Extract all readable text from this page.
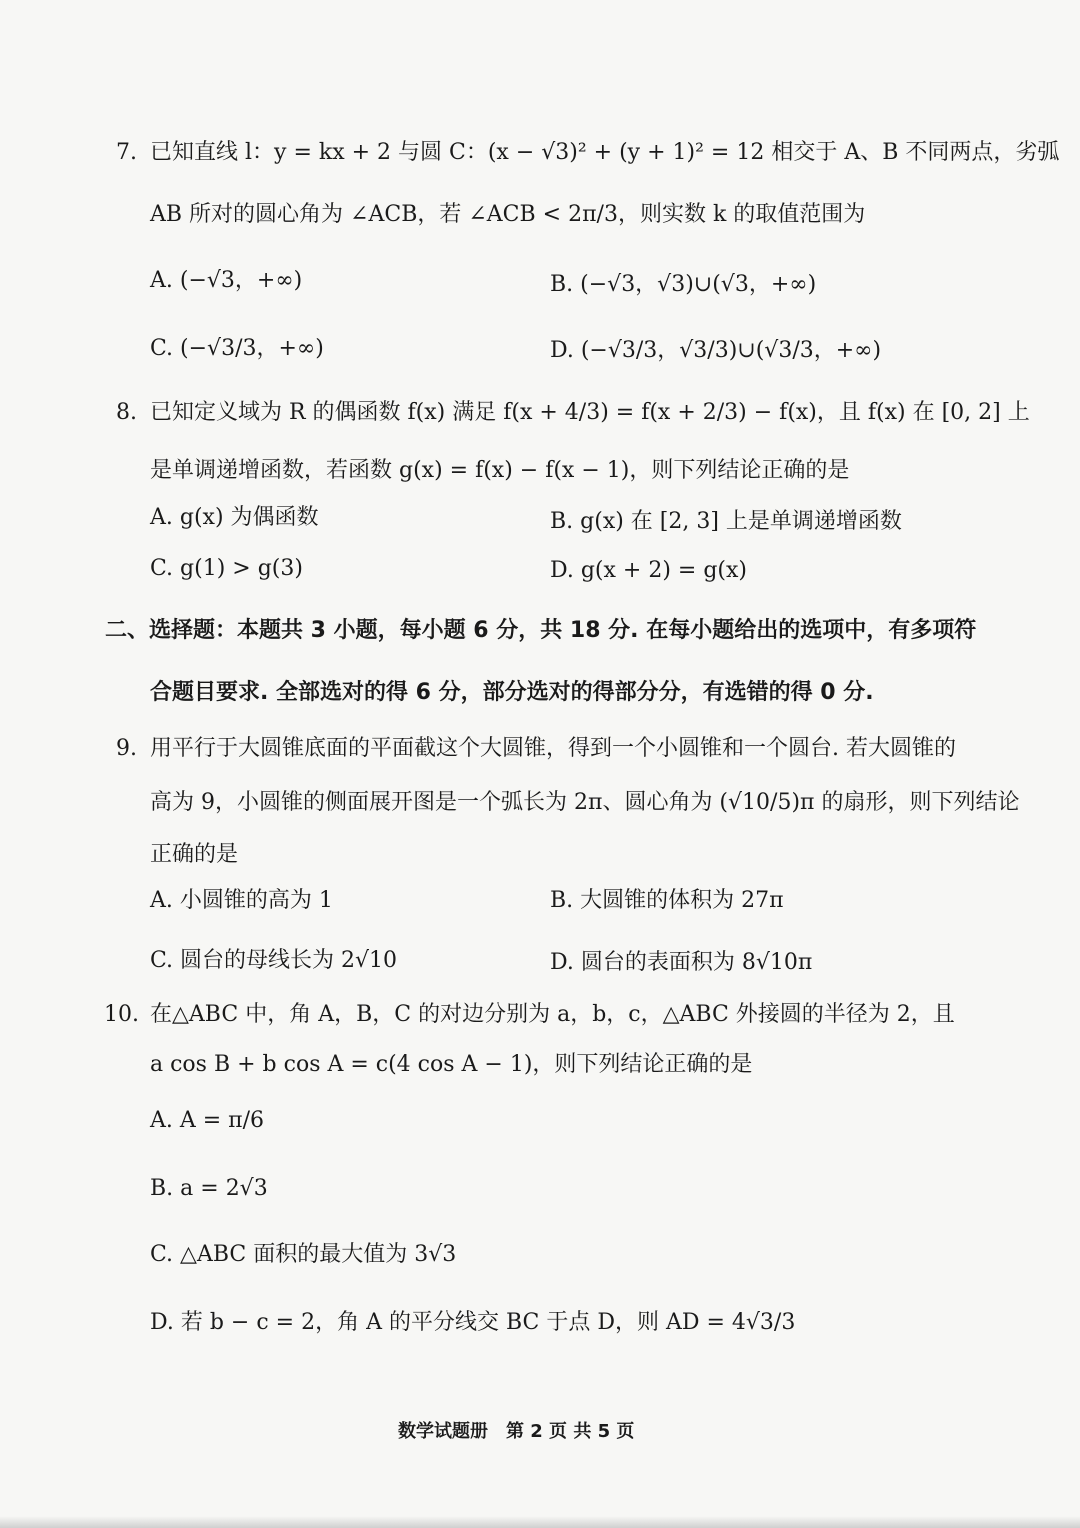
7. 已知直线 l：y = kx + 2 与圆 C：(x − √3)² + (y + 1)² = 12 相交于 A、B 不同两点，劣弧
AB 所对的圆心角为 ∠ACB，若 ∠ACB < 2π/3，则实数 k 的取值范围为
A. (−√3，+∞)	B. (−√3，√3)∪(√3，+∞)
C. (−√3/3，+∞)	D. (−√3/3，√3/3)∪(√3/3，+∞)
8. 已知定义域为 R 的偶函数 f(x) 满足 f(x + 4/3) = f(x + 2/3) − f(x)，且 f(x) 在 [0, 2] 上
是单调递增函数，若函数 g(x) = f(x) − f(x − 1)，则下列结论正确的是
A. g(x) 为偶函数	B. g(x) 在 [2, 3] 上是单调递增函数
C. g(1) > g(3)	D. g(x + 2) = g(x)
二、选择题：本题共 3 小题，每小题 6 分，共 18 分. 在每小题给出的选项中，有多项符
合题目要求. 全部选对的得 6 分，部分选对的得部分分，有选错的得 0 分.
9. 用平行于大圆锥底面的平面截这个大圆锥，得到一个小圆锥和一个圆台. 若大圆锥的
高为 9，小圆锥的侧面展开图是一个弧长为 2π、圆心角为 (√10/5)π 的扇形，则下列结论
正确的是
A. 小圆锥的高为 1	B. 大圆锥的体积为 27π
C. 圆台的母线长为 2√10	D. 圆台的表面积为 8√10π
10. 在△ABC 中，角 A，B，C 的对边分别为 a，b，c，△ABC 外接圆的半径为 2，且
a cos B + b cos A = c(4 cos A − 1)，则下列结论正确的是
A. A = π/6
B. a = 2√3
C. △ABC 面积的最大值为 3√3
D. 若 b − c = 2，角 A 的平分线交 BC 于点 D，则 AD = 4√3/3
数学试题册　第 2 页 共 5 页
